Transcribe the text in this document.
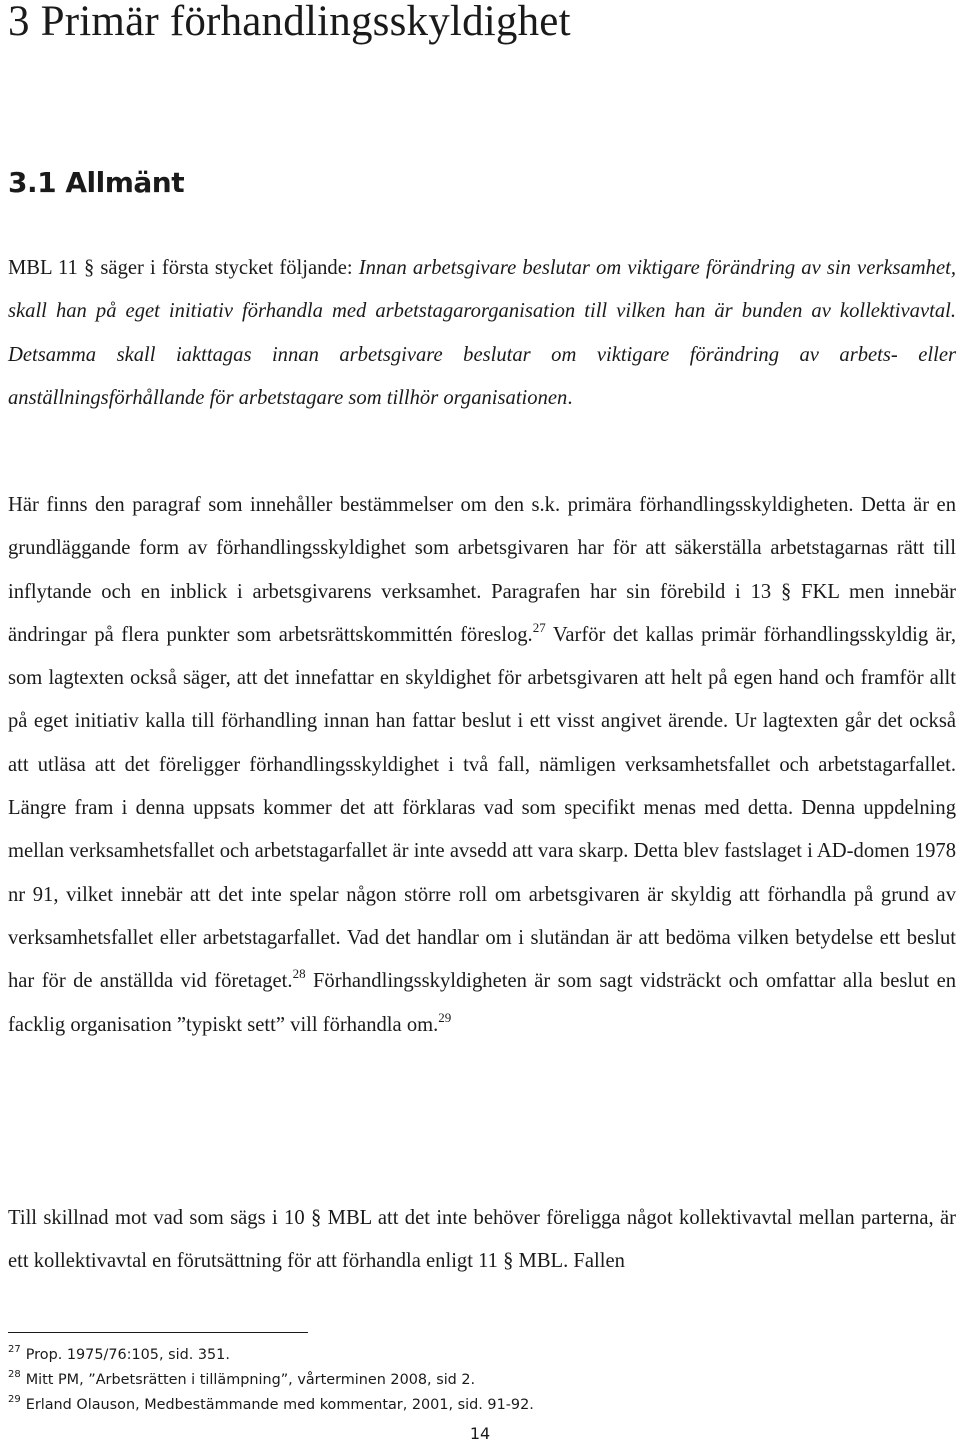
3 Primär förhandlingsskyldighet
3.1 Allmänt

MBL 11 § säger i första stycket följande: Innan arbetsgivare beslutar om viktigare förändring av sin verksamhet, skall han på eget initiativ förhandla med arbetstagarorganisation till vilken han är bunden av kollektivavtal. Detsamma skall iakttagas innan arbetsgivare beslutar om viktigare förändring av arbets- eller anställningsförhållande för arbetstagare som tillhör organisationen.

Här finns den paragraf som innehåller bestämmelser om den s.k. primära förhandlingsskyldigheten. Detta är en grundläggande form av förhandlingsskyldighet som arbetsgivaren har för att säkerställa arbetstagarnas rätt till inflytande och en inblick i arbetsgivarens verksamhet. Paragrafen har sin förebild i 13 § FKL men innebär ändringar på flera punkter som arbetsrättskommittén föreslog.$^{27}$ Varför det kallas primär förhandlingsskyldig är, som lagtexten också säger, att det innefattar en skyldighet för arbetsgivaren att helt på egen hand och framför allt på eget initiativ kalla till förhandling innan han fattar beslut i ett visst angivet ärende. Ur lagtexten går det också att utläsa att det föreligger förhandlingsskyldighet i två fall, nämligen verksamhetsfallet och arbetstagarfallet. Längre fram i denna uppsats kommer det att förklaras vad som specifikt menas med detta. Denna uppdelning mellan verksamhetsfallet och arbetstagarfallet är inte avsedd att vara skarp. Detta blev fastslaget i AD-domen 1978 nr 91, vilket innebär att det inte spelar någon större roll om arbetsgivaren är skyldig att förhandla på grund av verksamhetsfallet eller arbetstagarfallet. Vad det handlar om i slutändan är att bedöma vilken betydelse ett beslut har för de anställda vid företaget.$^{28}$ Förhandlingsskyldigheten är som sagt vidsträckt och omfattar alla beslut en facklig organisation ”typiskt sett” vill förhandla om.$^{29}$

Till skillnad mot vad som sägs i 10 § MBL att det inte behöver föreligga något kollektivavtal mellan parterna, är ett kollektivavtal en förutsättning för att förhandla enligt 11 § MBL. Fallen

$^{27}$ Prop. 1975/76:105, sid. 351.
$^{28}$ Mitt PM, ”Arbetsrätten i tillämpning”, vårterminen 2008, sid 2.
$^{29}$ Erland Olauson, Medbestämmande med kommentar, 2001, sid. 91-92.
14
